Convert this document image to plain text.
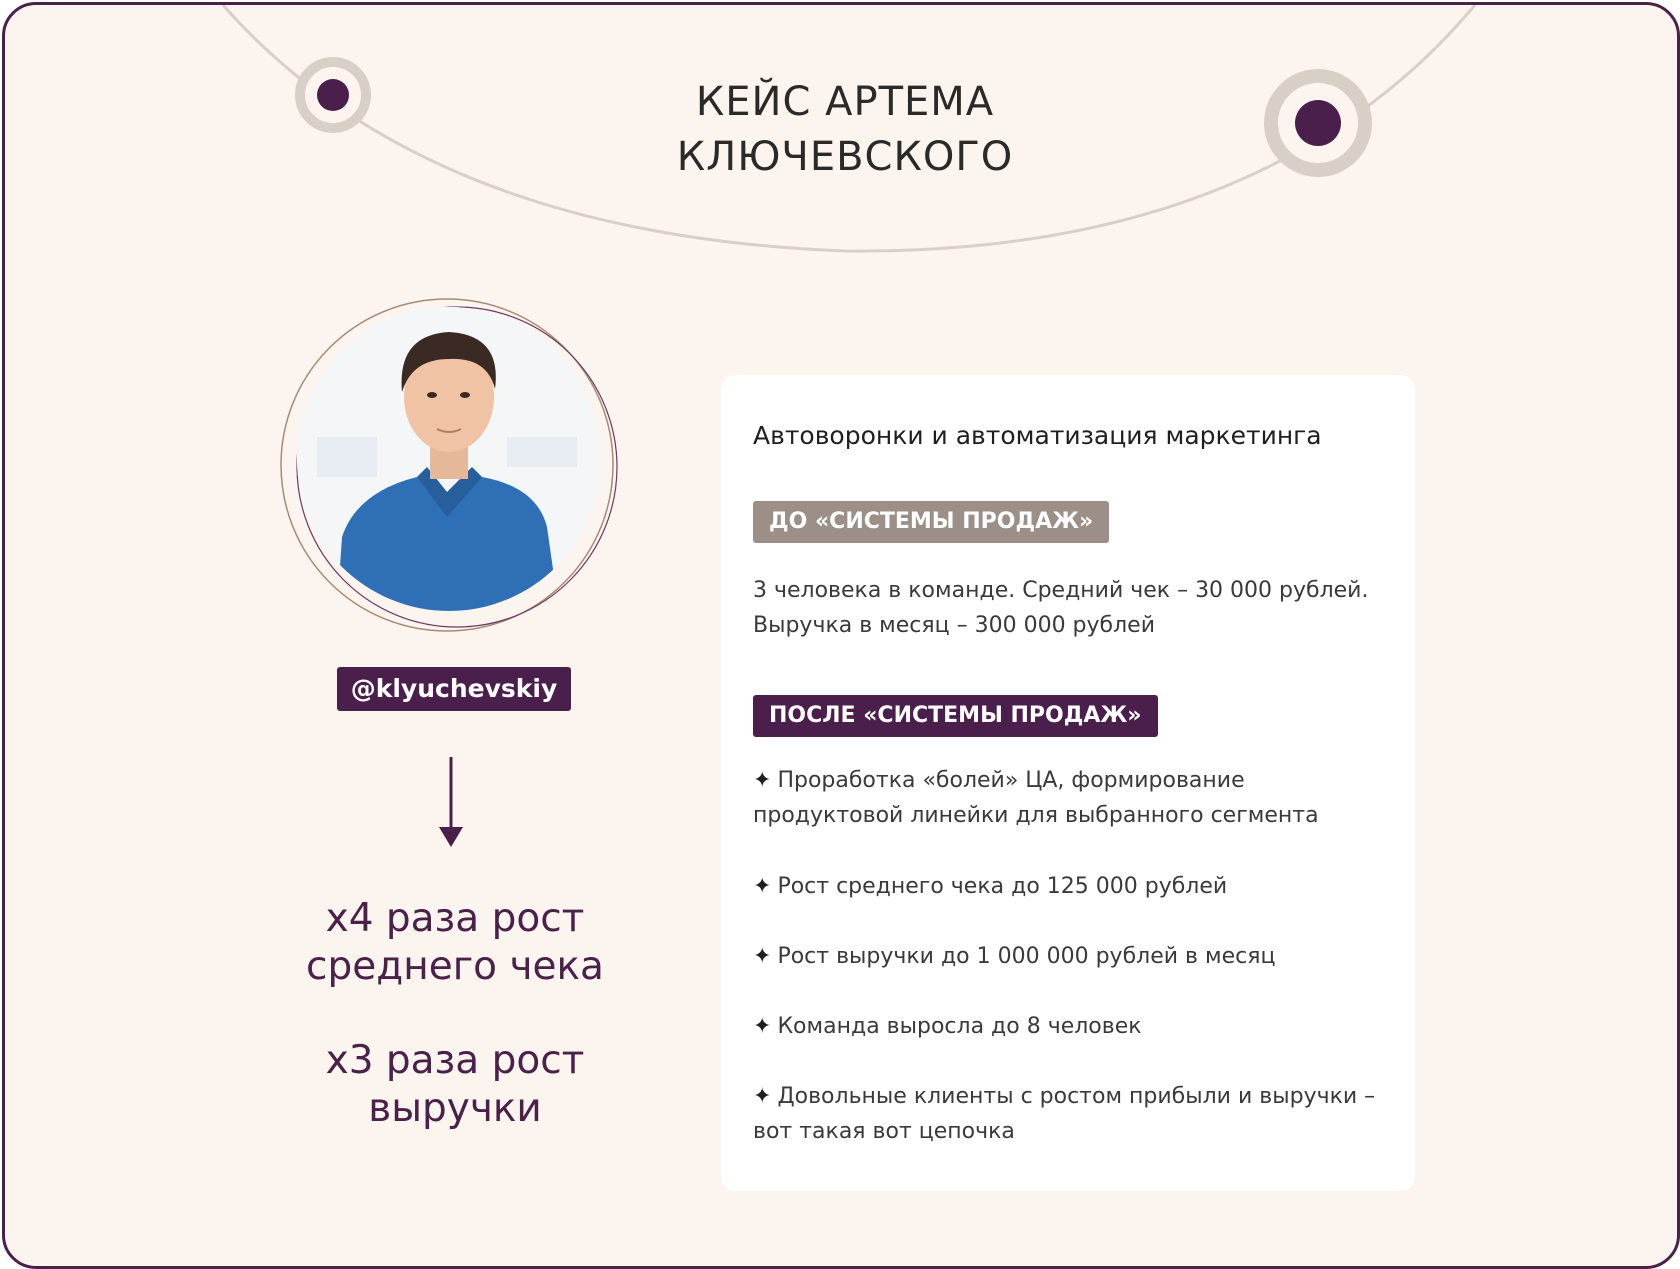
КЕЙС АРТЕМА
КЛЮЧЕВСКОГО
@klyuchevskiy
x4 раза рост
среднего чека
x3 раза рост
выручки
Автоворонки и автоматизация маркетинга
ДО «СИСТЕМЫ ПРОДАЖ»
3 человека в команде. Средний чек – 30 000 рублей. Выручка в месяц – 300 000 рублей
ПОСЛЕ «СИСТЕМЫ ПРОДАЖ»
✦ Проработка «болей» ЦА, формирование продуктовой линейки для выбранного сегмента
✦ Рост среднего чека до 125 000 рублей
✦ Рост выручки до 1 000 000 рублей в месяц
✦ Команда выросла до 8 человек
✦ Довольные клиенты с ростом прибыли и выручки – вот такая вот цепочка
